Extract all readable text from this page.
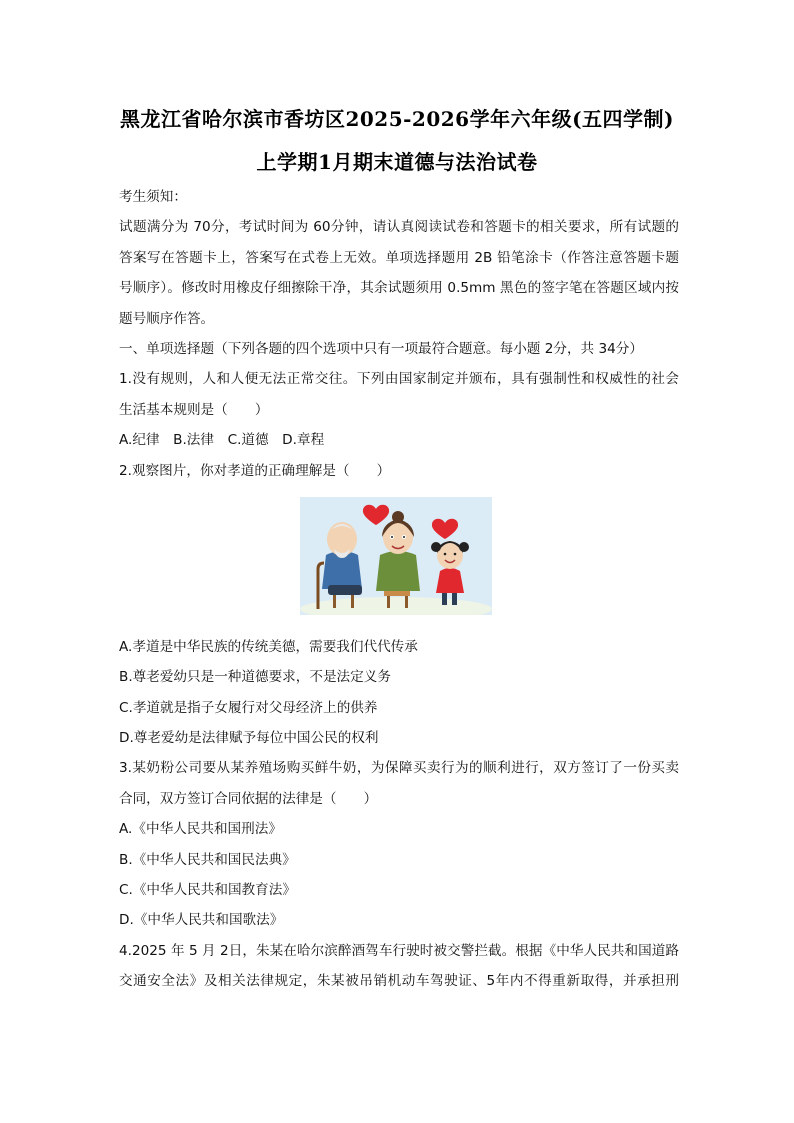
黑龙江省哈尔滨市香坊区2025-2026学年六年级(五四学制)
上学期1月期末道德与法治试卷
考生须知：
试题满分为 70分，考试时间为 60分钟，请认真阅读试卷和答题卡的相关要求，所有试题的
答案写在答题卡上，答案写在式卷上无效。单项选择题用 2B 铅笔涂卡（作答注意答题卡题
号顺序）。修改时用橡皮仔细擦除干净，其余试题须用 0.5mm 黑色的签字笔在答题区域内按
题号顺序作答。
一、单项选择题（下列各题的四个选项中只有一项最符合题意。每小题 2分，共 34分）
1.没有规则，人和人便无法正常交往。下列由国家制定并颁布，具有强制性和权威性的社会
生活基本规则是（　　）
A.纪律　B.法律　C.道德　D.章程
2.观察图片，你对孝道的正确理解是（　　）
A.孝道是中华民族的传统美德，需要我们代代传承
B.尊老爱幼只是一种道德要求，不是法定义务
C.孝道就是指子女履行对父母经济上的供养
D.尊老爱幼是法律赋予每位中国公民的权利
3.某奶粉公司要从某养殖场购买鲜牛奶，为保障买卖行为的顺利进行，双方签订了一份买卖
合同，双方签订合同依据的法律是（　　）
A.《中华人民共和国刑法》
B.《中华人民共和国民法典》
C.《中华人民共和国教育法》
D.《中华人民共和国歌法》
4.2025 年 5 月 2日，朱某在哈尔滨醉酒驾车行驶时被交警拦截。根据《中华人民共和国道路
交通安全法》及相关法律规定，朱某被吊销机动车驾驶证、5年内不得重新取得，并承担刑
